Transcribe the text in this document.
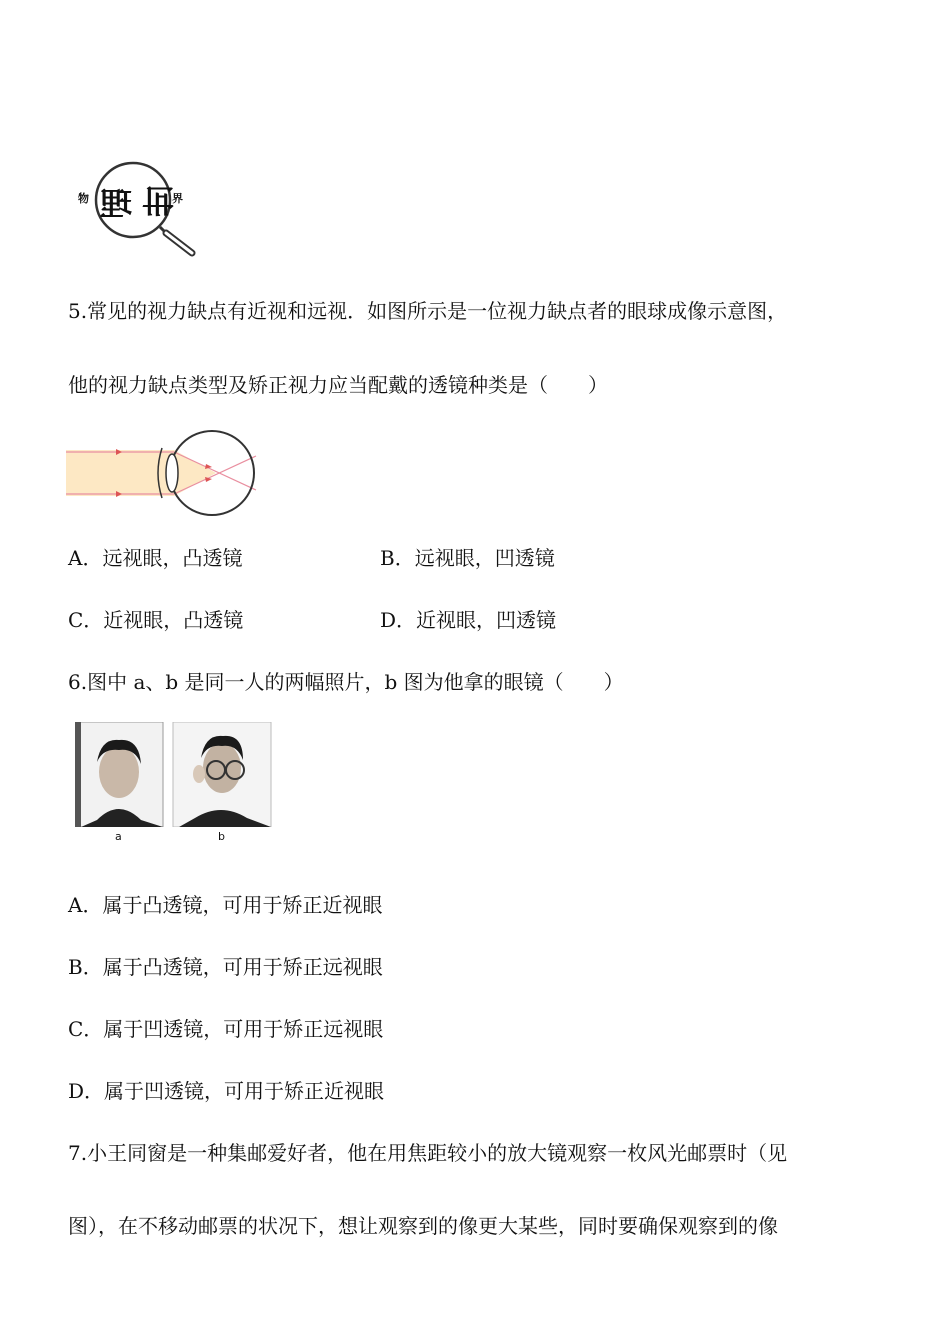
物 理 世
界
5.常见的视力缺点有近视和远视．如图所示是一位视力缺点者的眼球成像示意图，
他的视力缺点类型及矫正视力应当配戴的透镜种类是（　　）
A．远视眼，凸透镜	B．远视眼，凹透镜
C．近视眼，凸透镜	D．近视眼，凹透镜
6.图中 a、b 是同一人的两幅照片，b 图为他拿的眼镜（　　）
a	b
A．属于凸透镜，可用于矫正近视眼
B．属于凸透镜，可用于矫正远视眼
C．属于凹透镜，可用于矫正远视眼
D．属于凹透镜，可用于矫正近视眼
7.小王同窗是一种集邮爱好者，他在用焦距较小的放大镜观察一枚风光邮票时（见
图），在不移动邮票的状况下，想让观察到的像更大某些，同时要确保观察到的像
